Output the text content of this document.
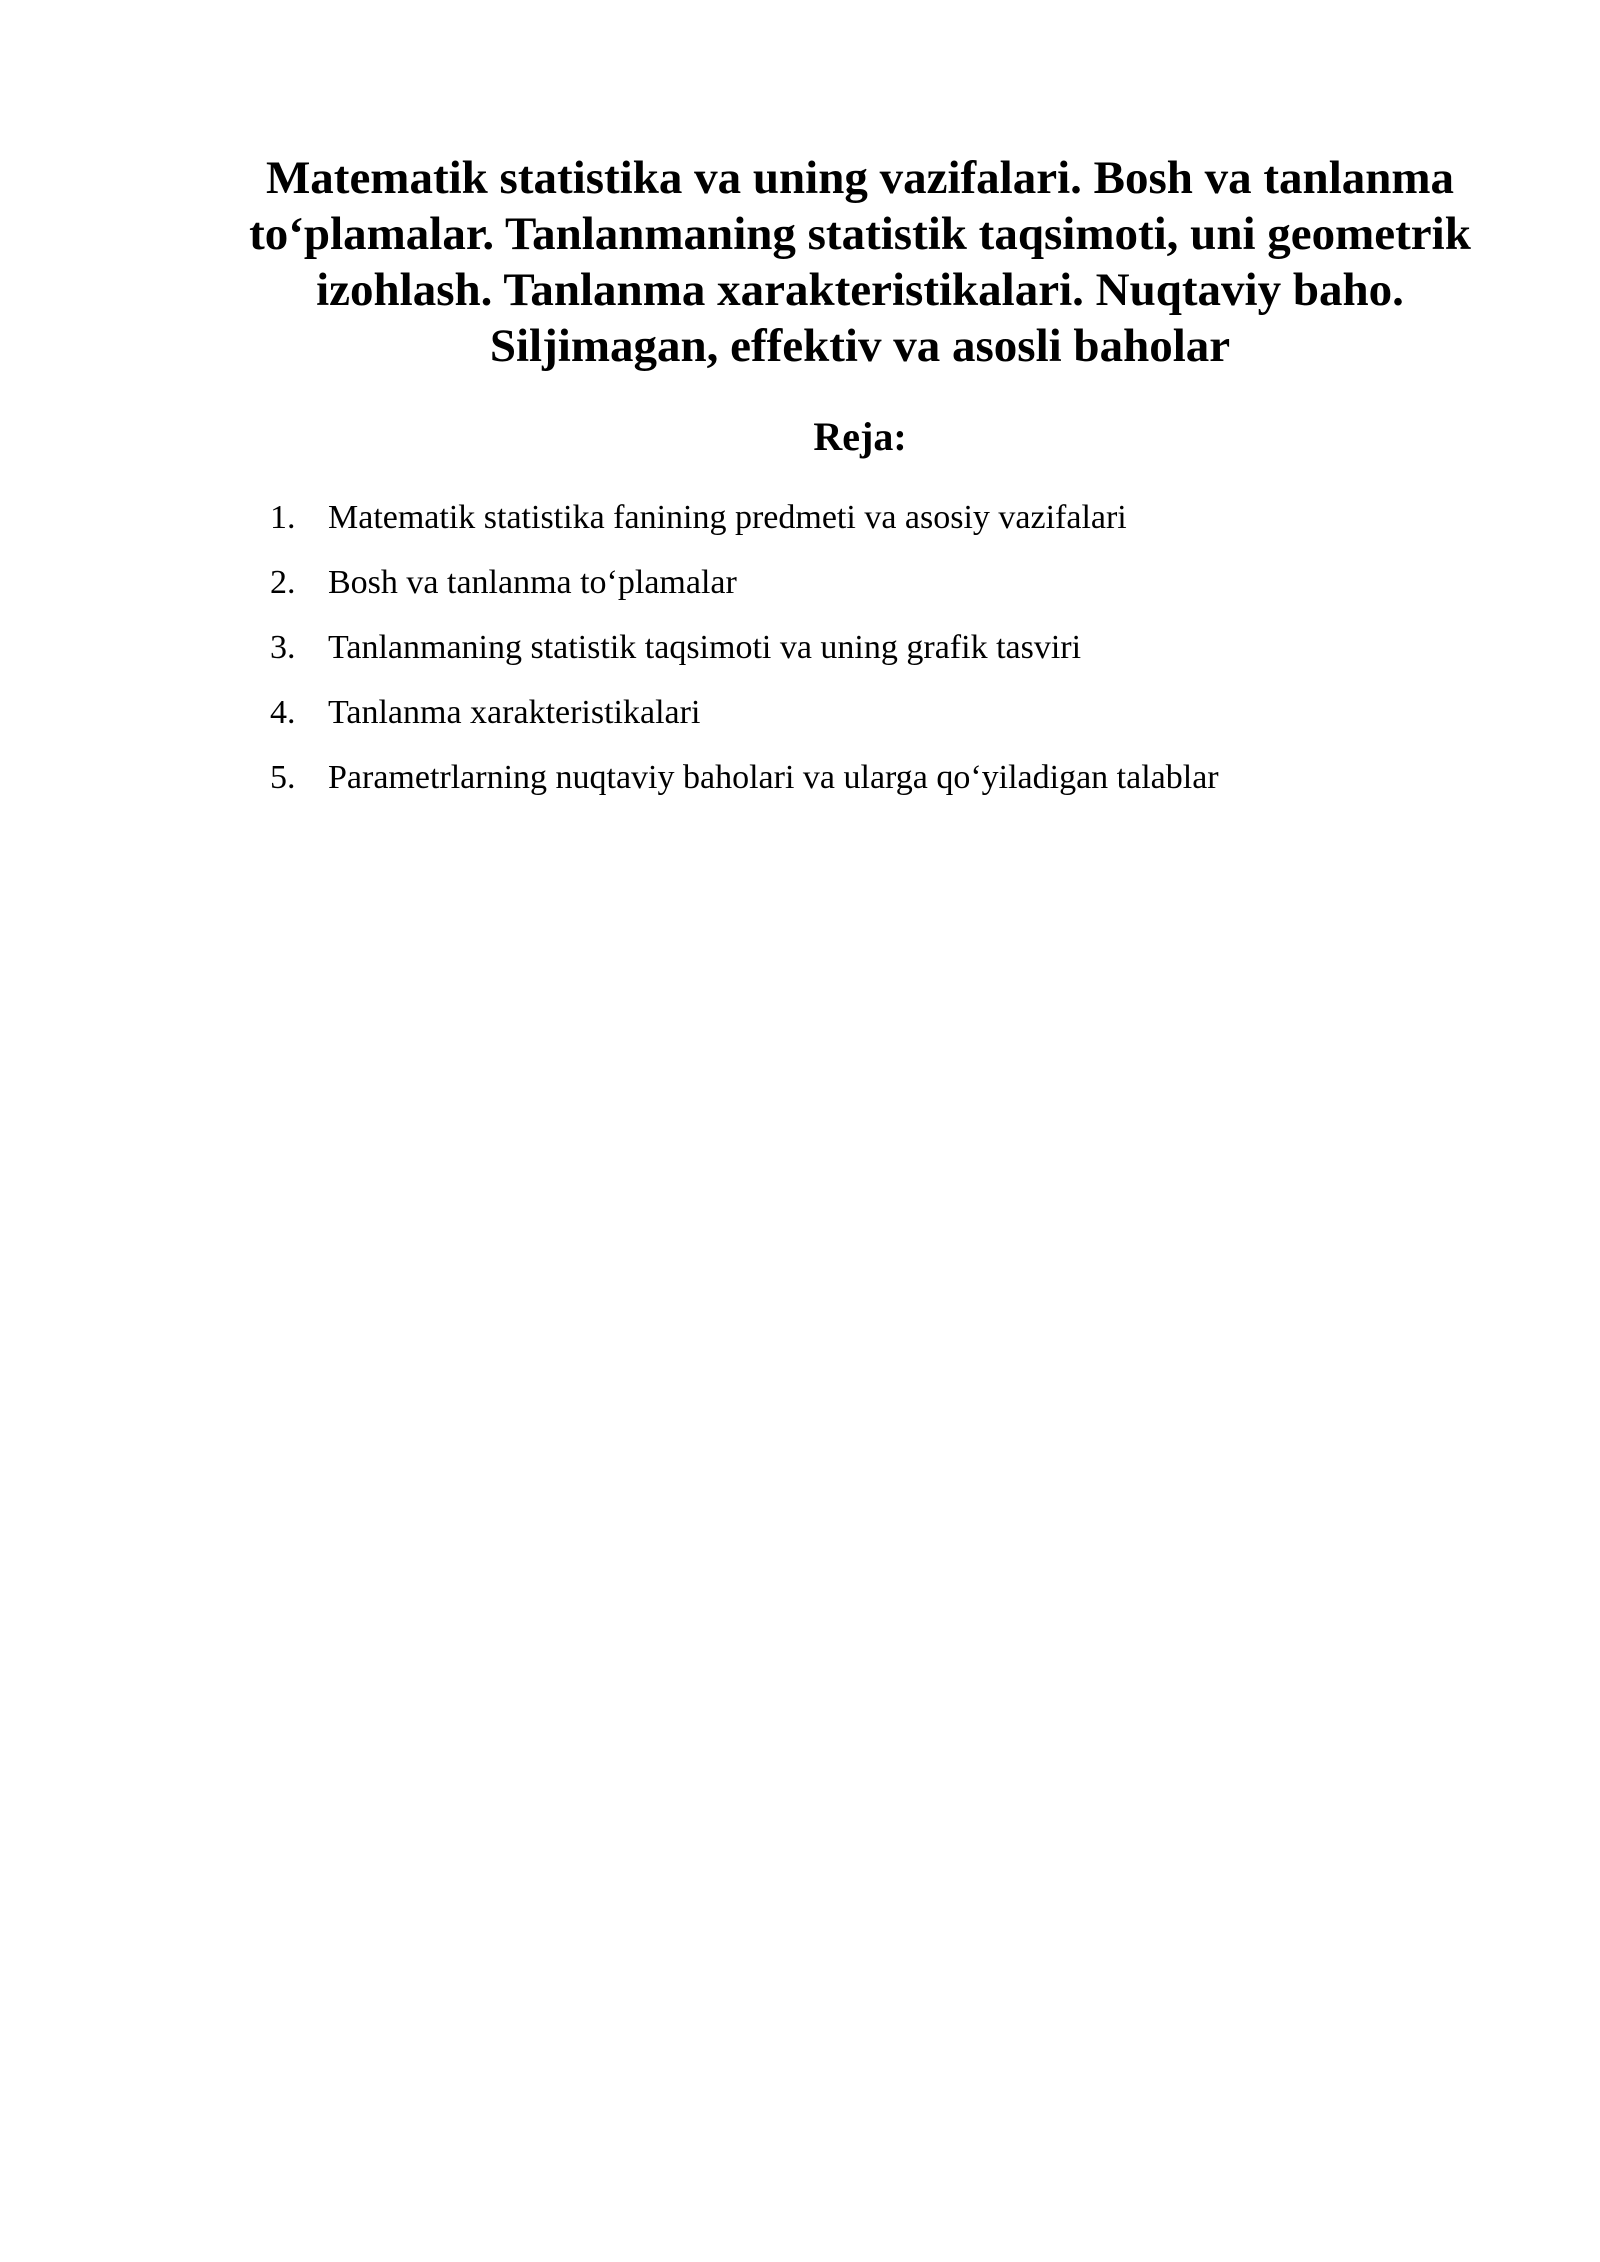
Matematik statistika va uning vazifalari. Bosh va tanlanma to‘plamalar. Tanlanmaning statistik taqsimoti, uni geometrik izohlash. Tanlanma xarakteristikalari. Nuqtaviy baho. Siljimagan, effektiv va asosli baholar
Reja:
1. Matematik statistika fanining predmeti va asosiy vazifalari
2. Bosh va tanlanma to‘plamalar
3. Tanlanmaning statistik taqsimoti va uning grafik tasviri
4. Tanlanma xarakteristikalari
5. Parametrlarning nuqtaviy baholari va ularga qo‘yiladigan talablar
